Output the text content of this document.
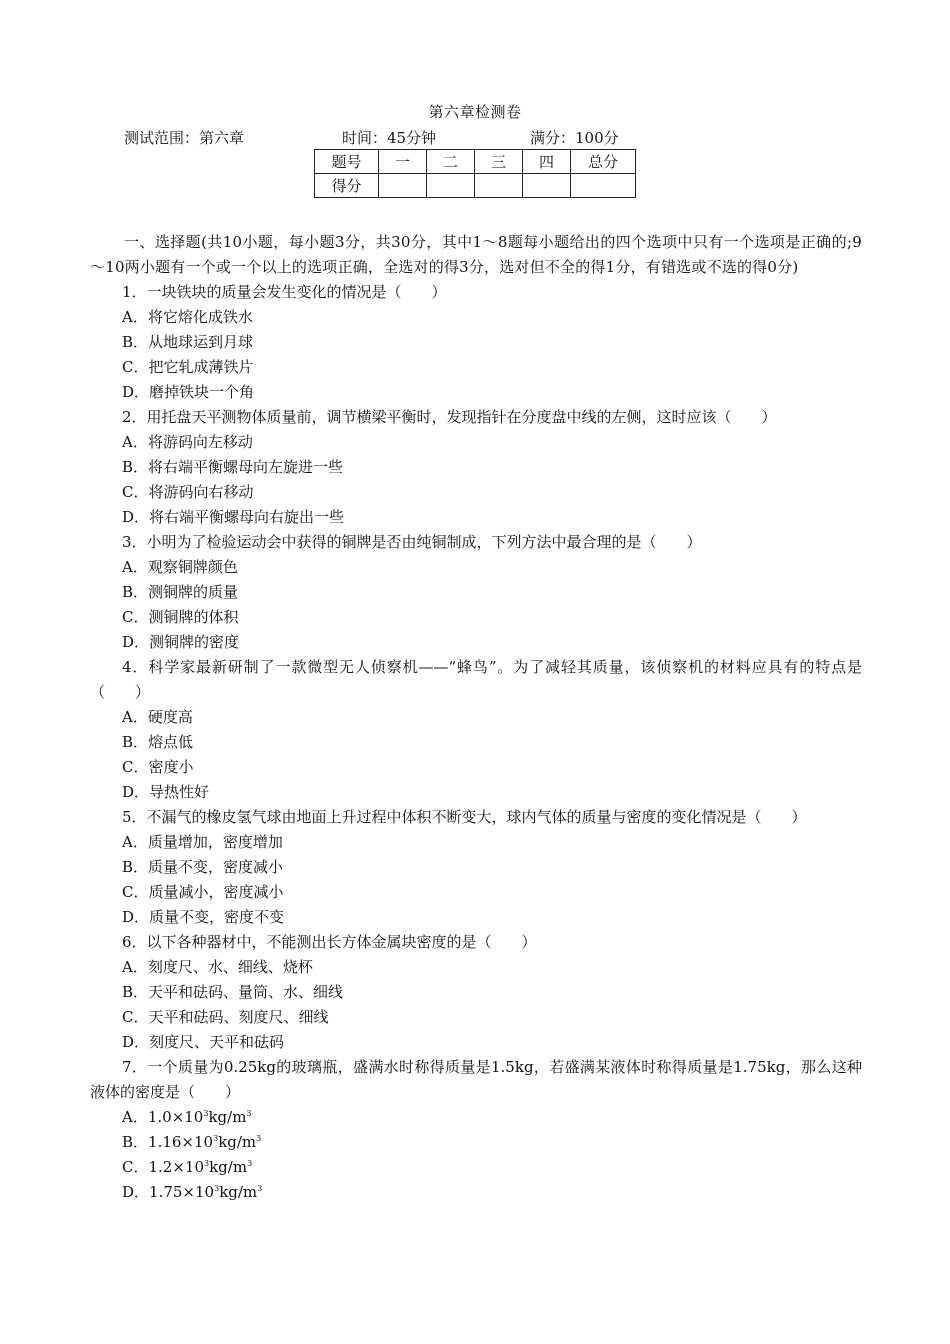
第六章检测卷
测试范围：第六章	时间：45分钟	满分：100分
题号	一	二	三	四	总分
得分					

一、选择题(共10小题，每小题3分，共30分，其中1～8题每小题给出的四个选项中只有一个选项是正确的;9～10两小题有一个或一个以上的选项正确，全选对的得3分，选对但不全的得1分，有错选或不选的得0分)

1．一块铁块的质量会发生变化的情况是（　　）

A．将它熔化成铁水

B．从地球运到月球

C．把它轧成薄铁片

D．磨掉铁块一个角

2．用托盘天平测物体质量前，调节横梁平衡时，发现指针在分度盘中线的左侧，这时应该（　　）

A．将游码向左移动

B．将右端平衡螺母向左旋进一些

C．将游码向右移动

D．将右端平衡螺母向右旋出一些

3．小明为了检验运动会中获得的铜牌是否由纯铜制成，下列方法中最合理的是（　　）

A．观察铜牌颜色

B．测铜牌的质量

C．测铜牌的体积

D．测铜牌的密度

4．科学家最新研制了一款微型无人侦察机——“蜂鸟”。为了减轻其质量，该侦察机的材料应具有的特点是（　　）

A．硬度高

B．熔点低

C．密度小

D．导热性好

5．不漏气的橡皮氢气球由地面上升过程中体积不断变大，球内气体的质量与密度的变化情况是（　　）

A．质量增加，密度增加

B．质量不变，密度减小

C．质量减小，密度减小

D．质量不变，密度不变

6．以下各种器材中，不能测出长方体金属块密度的是（　　）

A．刻度尺、水、细线、烧杯

B．天平和砝码、量筒、水、细线

C．天平和砝码、刻度尺、细线

D．刻度尺、天平和砝码

7．一个质量为0.25kg的玻璃瓶，盛满水时称得质量是1.5kg，若盛满某液体时称得质量是1.75kg，那么这种液体的密度是（　　）

A．$1.0\times 10^3kg/m^3$

B．$1.16\times 10^3kg/m^3$

C．$1.2\times 10^3kg/m^3$

D．$1.75\times 10^3kg/m^3$
